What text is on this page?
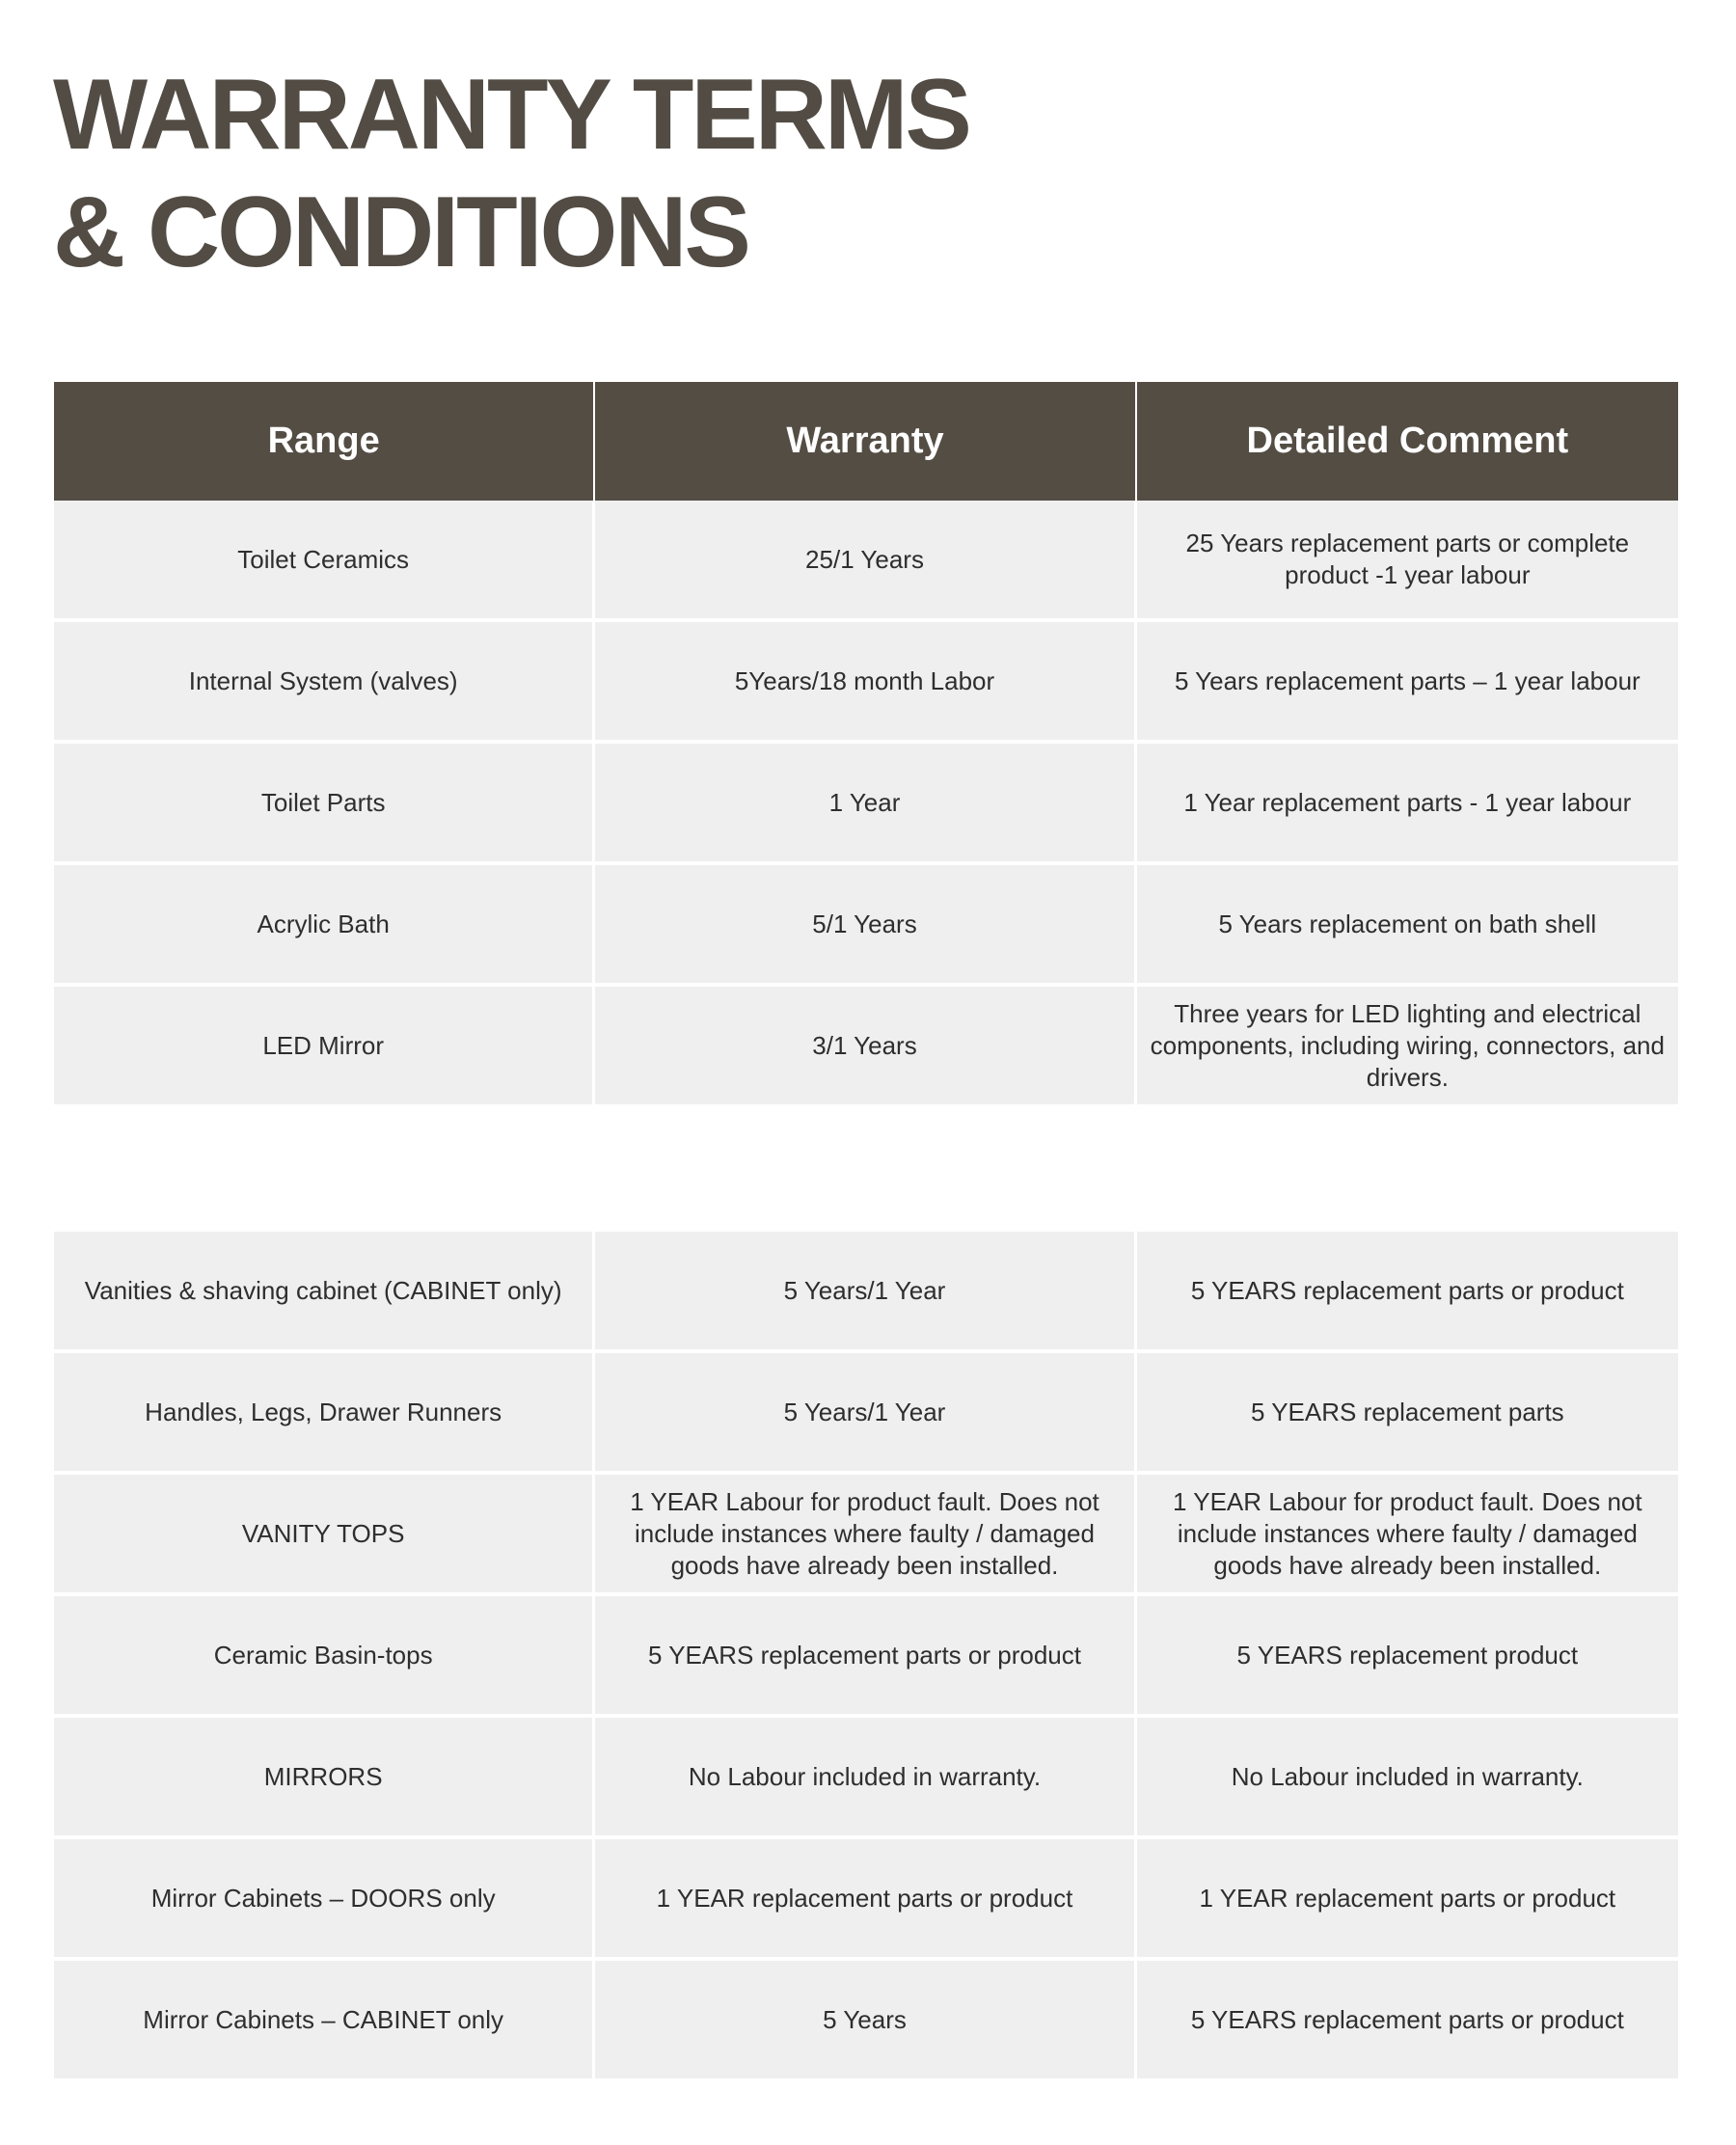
WARRANTY TERMS
& CONDITIONS
Range	Warranty	Detailed Comment
Toilet Ceramics	25/1 Years	25 Years replacement parts or complete product -1 year labour
Internal System (valves)	5Years/18 month Labor	5 Years replacement parts – 1 year labour
Toilet Parts	1 Year	1 Year replacement parts - 1 year labour
Acrylic Bath	5/1 Years	5 Years replacement on bath shell
LED Mirror	3/1 Years	Three years for LED lighting and electrical components, including wiring, connectors, and drivers.
Vanities & shaving cabinet (CABINET only)	5 Years/1 Year	5 YEARS replacement parts or product
Handles, Legs, Drawer Runners	5 Years/1 Year	5 YEARS replacement parts
VANITY TOPS	1 YEAR Labour for product fault. Does not include instances where faulty / damaged goods have already been installed.	1 YEAR Labour for product fault. Does not include instances where faulty / damaged goods have already been installed.
Ceramic Basin-tops	5 YEARS replacement parts or product	5 YEARS replacement product
MIRRORS	No Labour included in warranty.	No Labour included in warranty.
Mirror Cabinets – DOORS only	1 YEAR replacement parts or product	1 YEAR replacement parts or product
Mirror Cabinets – CABINET only	5 Years	5 YEARS replacement parts or product
